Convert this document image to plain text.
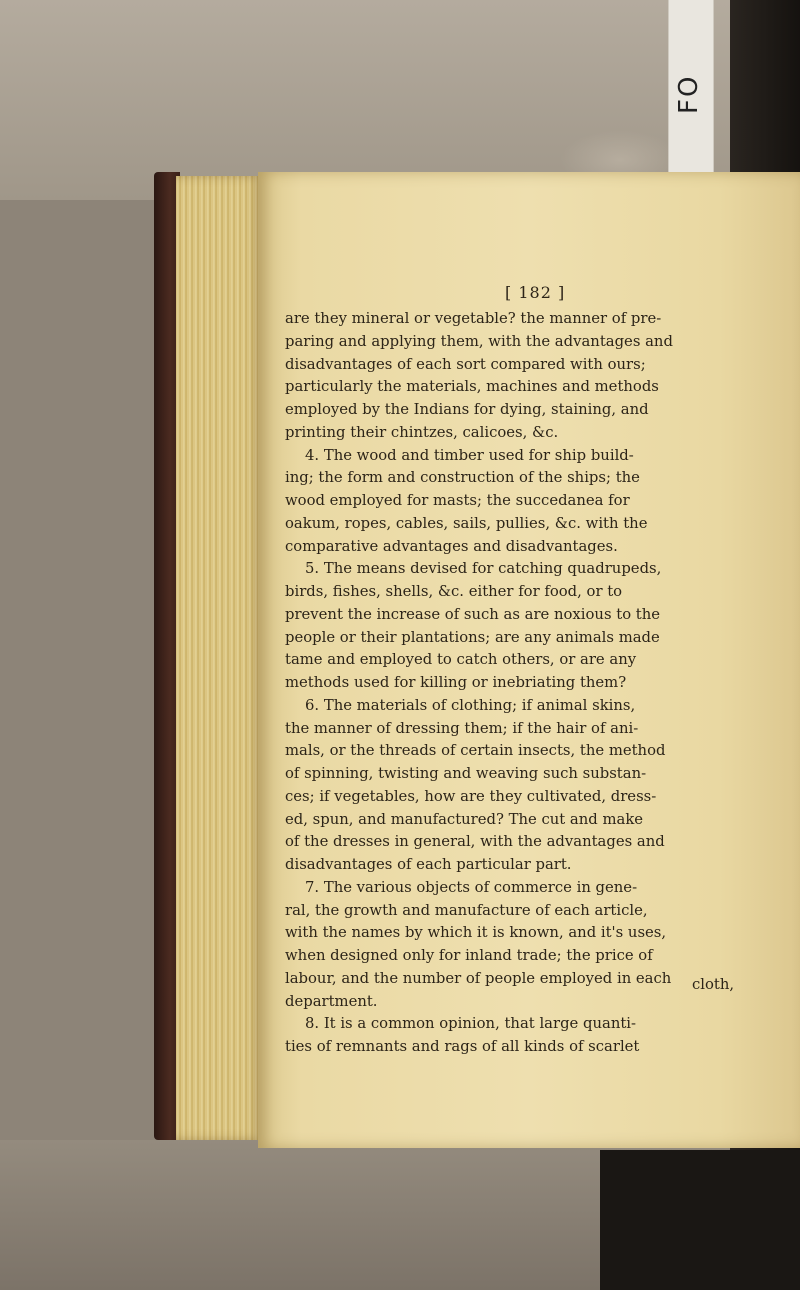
FO
[ 182 ]

are they mineral or vegetable? the manner of pre-

paring and applying them, with the advantages and

disadvantages of each sort compared with ours;

particularly the materials, machines and methods

employed by the Indians for dying, staining, and

printing their chintzes, calicoes, &c.

4. The wood and timber used for ship build-

ing; the form and construction of the ships; the

wood employed for masts; the succedanea for

oakum, ropes, cables, sails, pullies, &c. with the

comparative advantages and disadvantages.

5. The means devised for catching quadrupeds,

birds, fishes, shells, &c. either for food, or to

prevent the increase of such as are noxious to the

people or their plantations; are any animals made

tame and employed to catch others, or are any

methods used for killing or inebriating them?

6. The materials of clothing; if animal skins,

the manner of dressing them; if the hair of ani-

mals, or the threads of certain insects, the method

of spinning, twisting and weaving such substan-

ces; if vegetables, how are they cultivated, dress-

ed, spun, and manufactured? The cut and make

of the dresses in general, with the advantages and

disadvantages of each particular part.

7. The various objects of commerce in gene-

ral, the growth and manufacture of each article,

with the names by which it is known, and it's uses,

when designed only for inland trade; the price of

labour, and the number of people employed in each

department.

8. It is a common opinion, that large quanti-

ties of remnants and rags of all kinds of scarlet

cloth,
